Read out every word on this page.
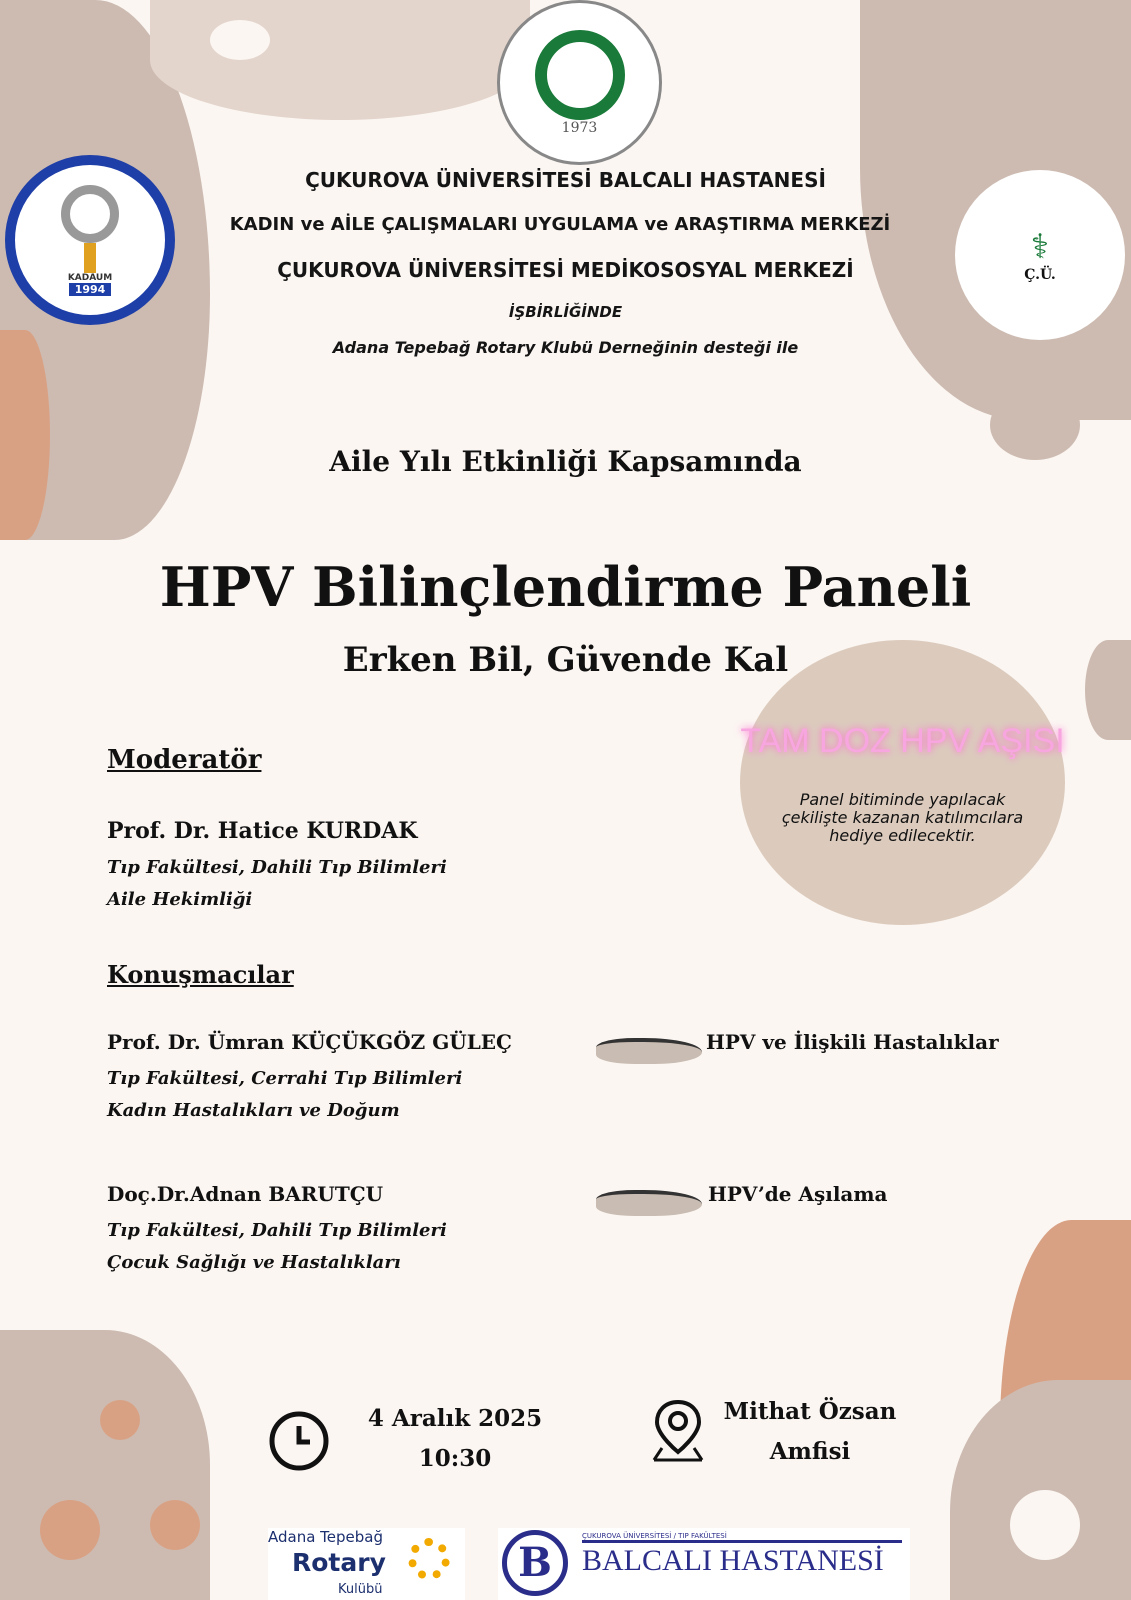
TAM DOZ HPV AŞISI
Panel bitiminde yapılacak
çekilişte kazanan katılımcılara
hediye edilecektir.
1973
KADAUM
1994
⚕
Ç.Ü.
ÇUKUROVA ÜNİVERSİTESİ BALCALI HASTANESİ
KADIN ve AİLE ÇALIŞMALARI UYGULAMA ve ARAŞTIRMA MERKEZİ
ÇUKUROVA ÜNİVERSİTESİ MEDİKOSOSYAL MERKEZİ
İŞBİRLİĞİNDE
Adana Tepebağ Rotary Klubü Derneğinin desteği ile
Aile Yılı Etkinliği Kapsamında
HPV Bilinçlendirme Paneli
Erken Bil, Güvende Kal
Moderatör
Prof. Dr. Hatice KURDAK
Tıp Fakültesi, Dahili Tıp Bilimleri
Aile Hekimliği
Konuşmacılar
Prof. Dr. Ümran KÜÇÜKGÖZ GÜLEÇ
Tıp Fakültesi, Cerrahi Tıp Bilimleri
Kadın Hastalıkları ve Doğum
HPV ve İlişkili Hastalıklar
Doç.Dr.Adnan BARUTÇU
Tıp Fakültesi, Dahili Tıp Bilimleri
Çocuk Sağlığı ve Hastalıkları
HPV’de Aşılama
4 Aralık 2025
10:30
Mithat Özsan
Amfisi
Adana Tepebağ
Rotary
Kulübü
B
ÇUKUROVA ÜNİVERSİTESİ / TIP FAKÜLTESİ
BALCALI HASTANESİ
